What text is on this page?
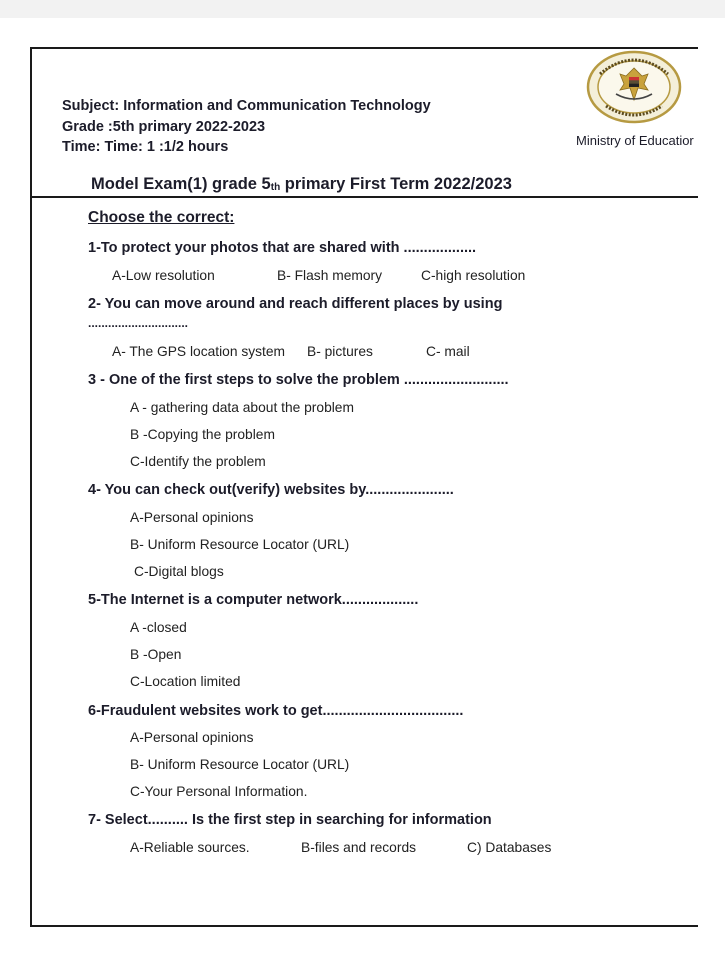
Subject: Information and Communication Technology
Grade :5th primary 2022-2023
Time: Time: 1 :1/2 hours	Ministry of Educatior
Model Exam(1) grade $5_{th}$ primary First Term 2022/2023
Choose the correct:
1-To protect your photos that are shared with ..................
A-Low resolution	B- Flash memory	C-high resolution
2- You can move around and reach different places by using
..............................
A- The GPS location system B- pictures	C- mail
3 - One of the first steps to solve the problem ..........................
A - gathering data about the problem
B -Copying the problem
C-Identify the problem
4- You can check out(verify) websites by......................
A-Personal opinions
B- Uniform Resource Locator (URL)
C-Digital blogs
5-The Internet is a computer network...................
A -closed
B -Open
C-Location limited
6-Fraudulent websites work to get...................................
A-Personal opinions
B- Uniform Resource Locator (URL)
C-Your Personal Information.
7- Select.......... Is the first step in searching for information
A-Reliable sources.	B-files and records	C) Databases
